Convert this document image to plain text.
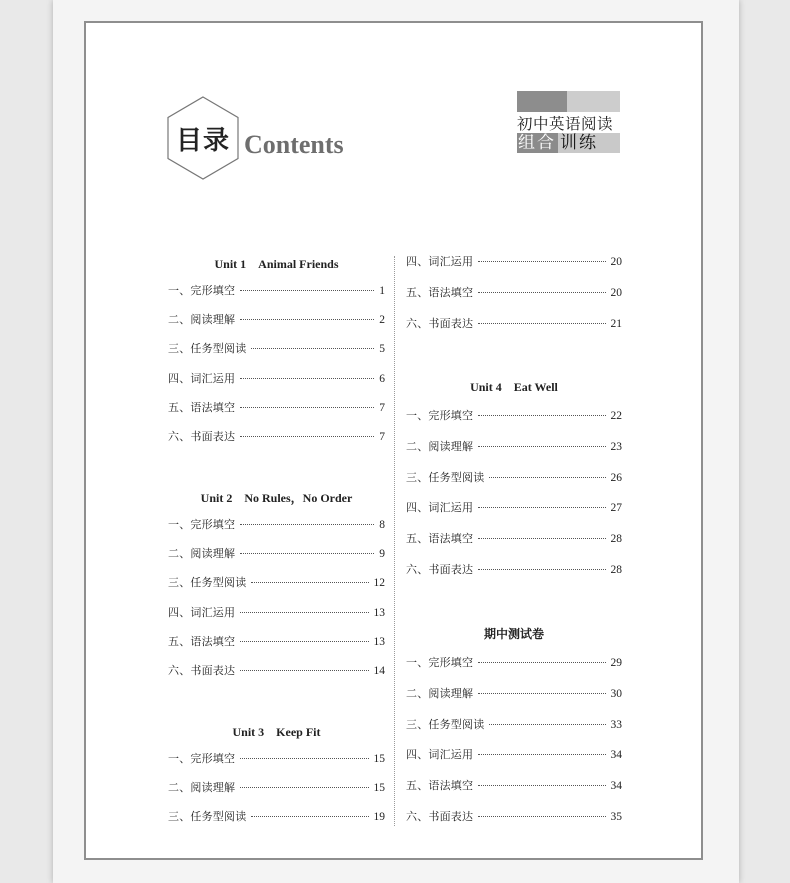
目录 Contents
初中英语阅读
组合 训练
Unit 1　Animal Friends
一、完形填空	1
二、阅读理解	2
三、任务型阅读	5
四、词汇运用	6
五、语法填空	7
六、书面表达	7
Unit 2　No Rules，No Order
一、完形填空	8
二、阅读理解	9
三、任务型阅读	12
四、词汇运用	13
五、语法填空	13
六、书面表达	14
Unit 3　Keep Fit
一、完形填空	15
二、阅读理解	15
三、任务型阅读	19
四、词汇运用	20
五、语法填空	20
六、书面表达	21
Unit 4　Eat Well
一、完形填空	22
二、阅读理解	23
三、任务型阅读	26
四、词汇运用	27
五、语法填空	28
六、书面表达	28
期中测试卷
一、完形填空	29
二、阅读理解	30
三、任务型阅读	33
四、词汇运用	34
五、语法填空	34
六、书面表达	35
